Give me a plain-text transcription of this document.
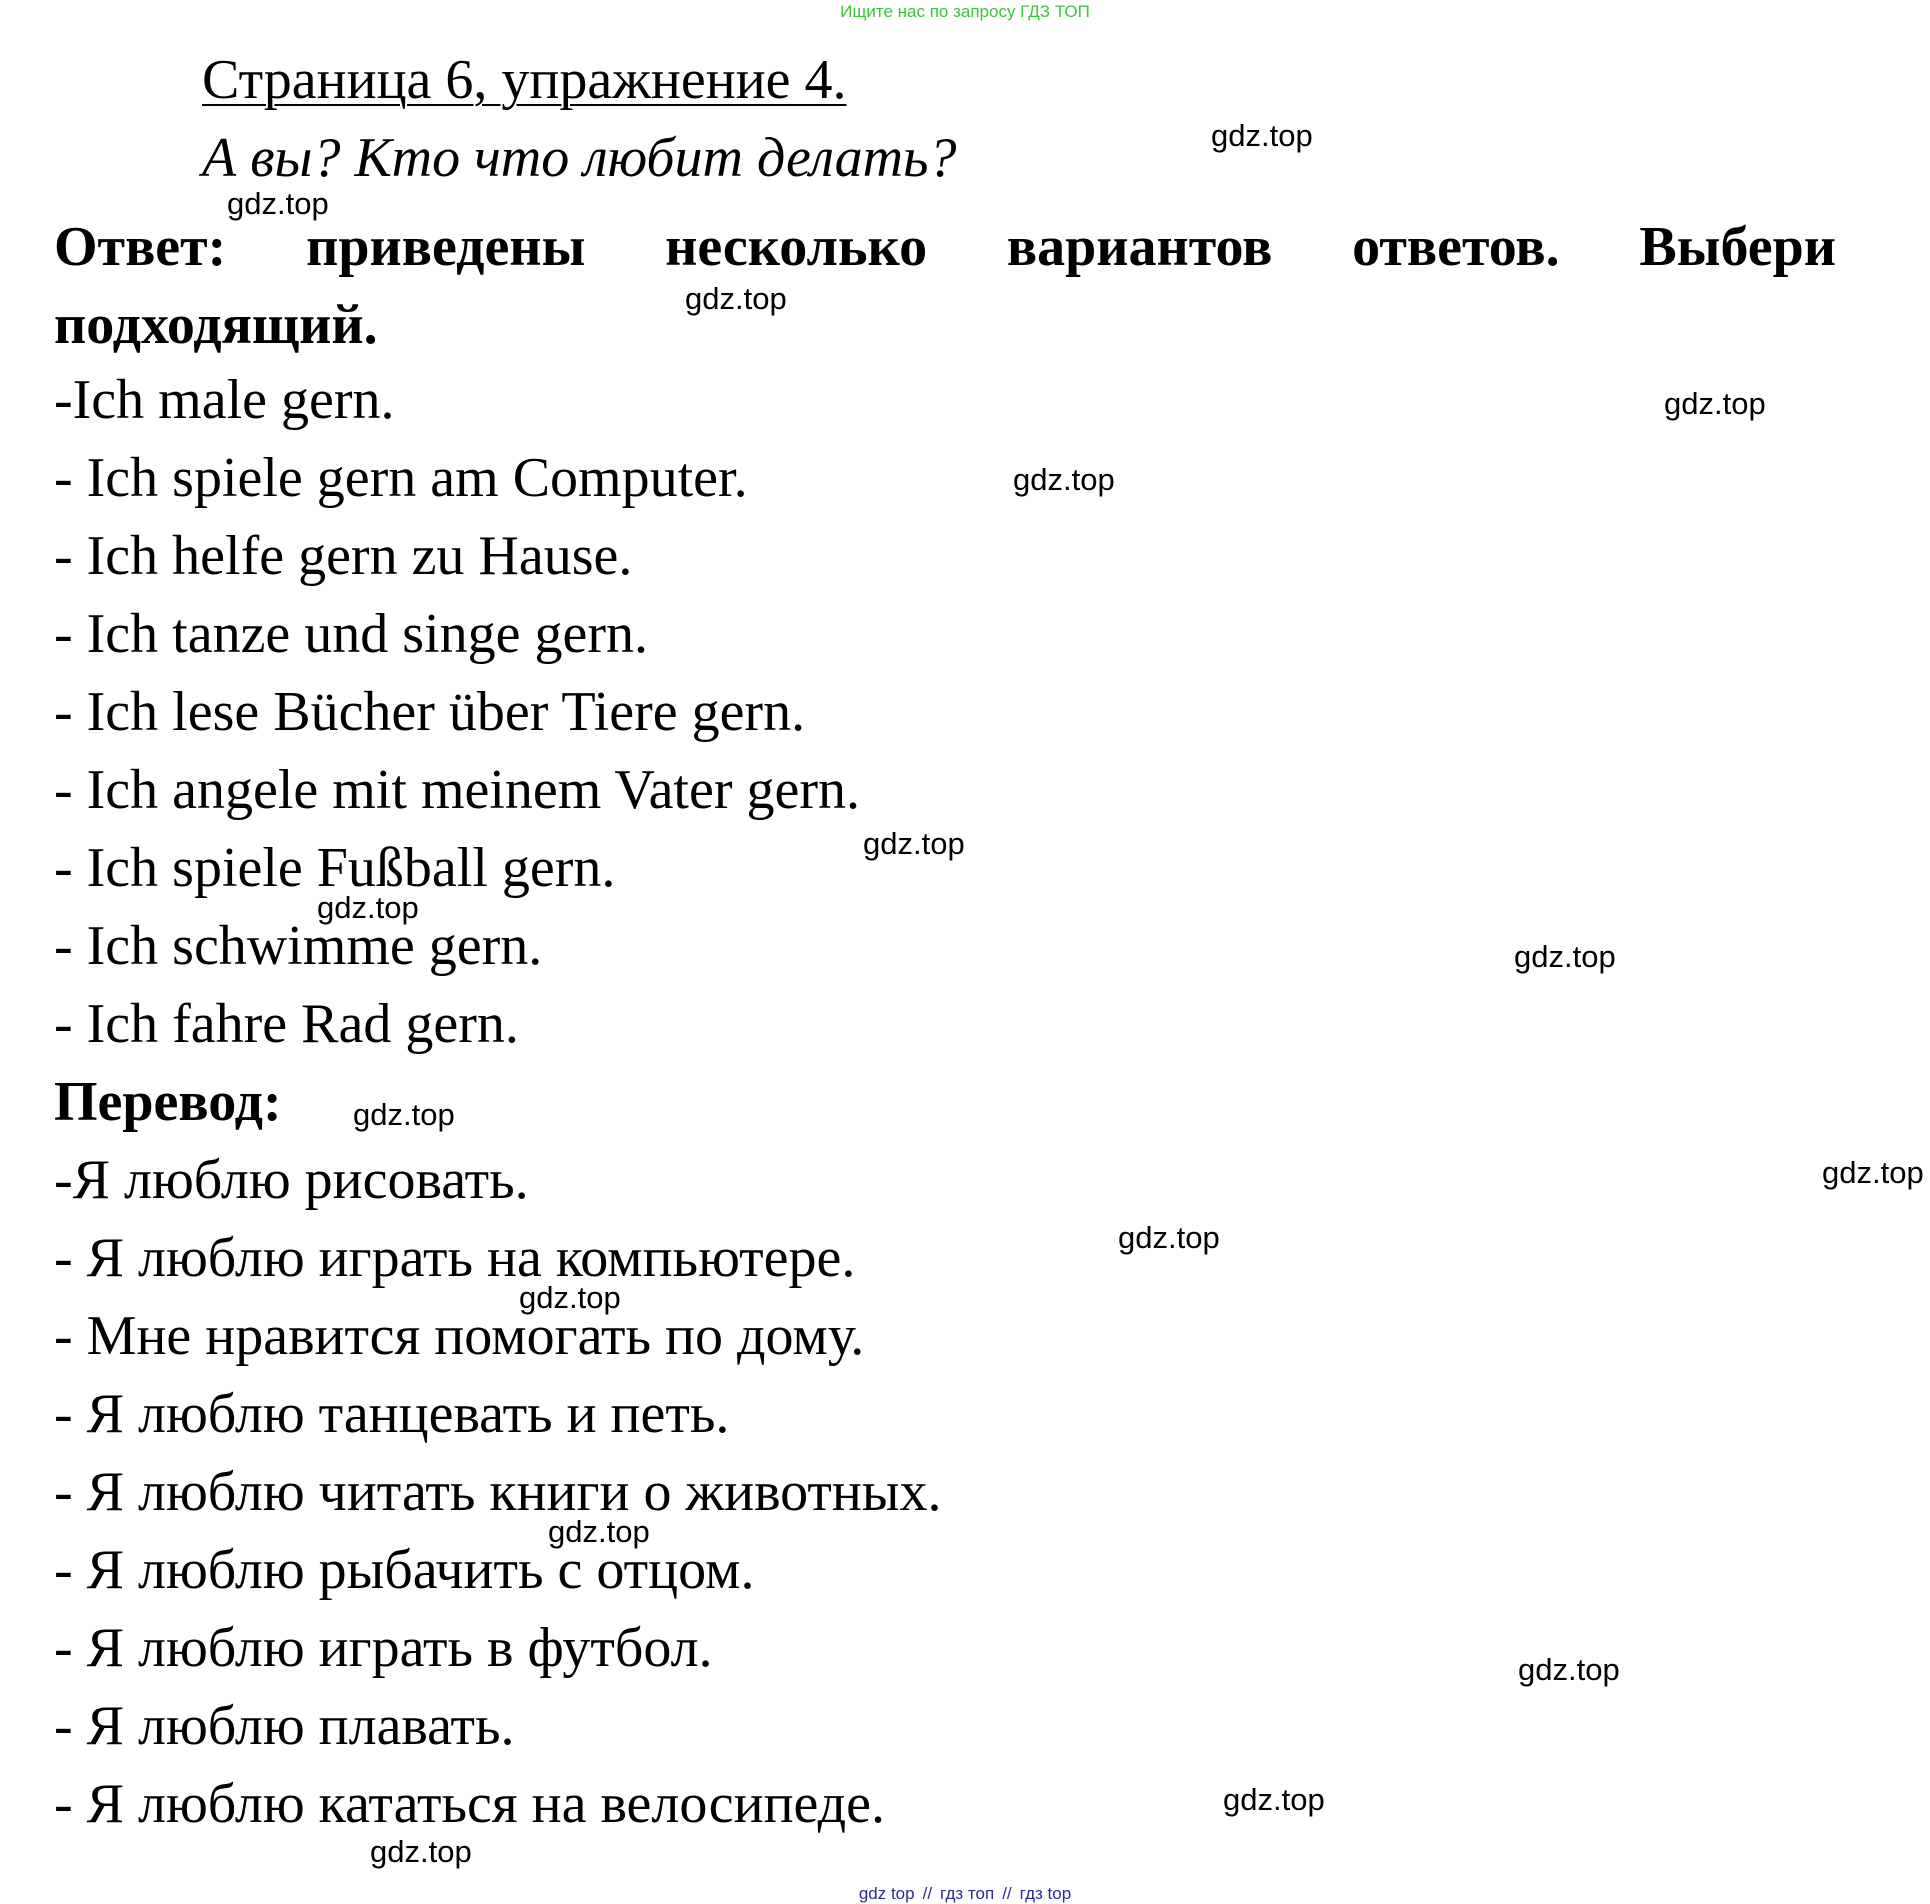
Ищите нас по запросу ГДЗ ТОП
Страница 6, упражнение 4.
А вы? Кто что любит делать?
Ответ: приведены несколько вариантов ответов. Выбери подходящий.
-Ich male gern.
- Ich spiele gern am Computer.
- Ich helfe gern zu Hause.
- Ich tanze und singe gern.
- Ich lese Bücher über Tiere gern.
- Ich angele mit meinem Vater gern.
- Ich spiele Fußball gern.
- Ich schwimme gern.
- Ich fahre Rad gern.
Перевод:
-Я люблю рисовать.
- Я люблю играть на компьютере.
- Мне нравится помогать по дому.
- Я люблю танцевать и петь.
- Я люблю читать книги о животных.
- Я люблю рыбачить с отцом.
- Я люблю играть в футбол.
- Я люблю плавать.
- Я люблю кататься на велосипеде.
gdz.top
gdz.top
gdz.top
gdz.top
gdz.top
gdz.top
gdz.top
gdz.top
gdz.top
gdz.top
gdz.top
gdz.top
gdz.top
gdz.top
gdz.top
gdz.top
gdz top // гдз топ // гдз top
